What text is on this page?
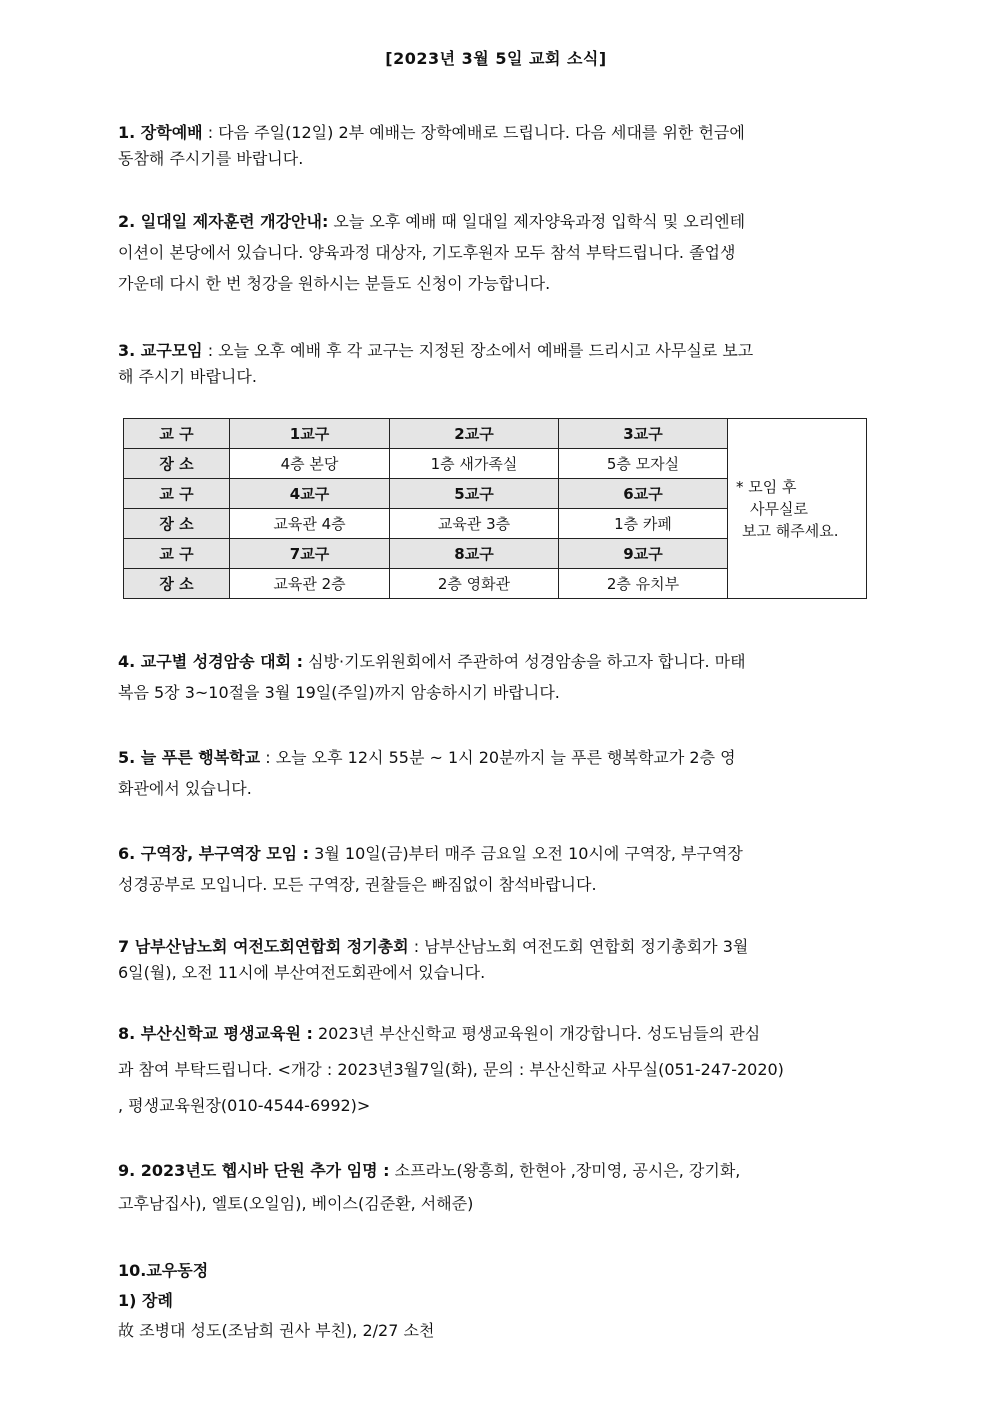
[2023년 3월 5일 교회 소식]
1. 장학예배 : 다음 주일(12일) 2부 예배는 장학예배로 드립니다. 다음 세대를 위한 헌금에
동참해 주시기를 바랍니다.
2. 일대일 제자훈련 개강안내: 오늘 오후 예배 때 일대일 제자양육과정 입학식 및 오리엔테
이션이 본당에서 있습니다. 양육과정 대상자, 기도후원자 모두 참석 부탁드립니다. 졸업생
가운데 다시 한 번 청강을 원하시는 분들도 신청이 가능합니다.
3. 교구모임 : 오늘 오후 예배 후 각 교구는 지정된 장소에서 예배를 드리시고 사무실로 보고
해 주시기 바랍니다.
교 구	1교구	2교구	3교구	* 모임 후
사무실로
보고 해주세요.

장 소	4층 본당	1층 새가족실	5층 모자실	
교 구	4교구	5교구	6교구	
장 소	교육관 4층	교육관 3층	1층 카페	
교 구	7교구	8교구	9교구	
장 소	교육관 2층	2층 영화관	2층 유치부	
4. 교구별 성경암송 대회 : 심방·기도위원회에서 주관하여 성경암송을 하고자 합니다. 마태
복음 5장 3~10절을 3월 19일(주일)까지 암송하시기 바랍니다.
5. 늘 푸른 행복학교 : 오늘 오후 12시 55분 ~ 1시 20분까지 늘 푸른 행복학교가 2층 영
화관에서 있습니다.
6. 구역장, 부구역장 모임 : 3월 10일(금)부터 매주 금요일 오전 10시에 구역장, 부구역장
성경공부로 모입니다. 모든 구역장, 권찰들은 빠짐없이 참석바랍니다.
7 남부산남노회 여전도회연합회 정기총회 : 남부산남노회 여전도회 연합회 정기총회가 3월
6일(월), 오전 11시에 부산여전도회관에서 있습니다.
8. 부산신학교 평생교육원 : 2023년 부산신학교 평생교육원이 개강합니다. 성도님들의 관심
과 참여 부탁드립니다. <개강 : 2023년3월7일(화), 문의 : 부산신학교 사무실(051-247-2020)
, 평생교육원장(010-4544-6992)>
9. 2023년도 헵시바 단원 추가 임명 : 소프라노(왕흥희, 한현아 ,장미영, 공시은, 강기화,
고후남집사), 엘토(오일임), 베이스(김준환, 서해준)
10.교우동정
1) 장례
故 조병대 성도(조남희 권사 부친), 2/27 소천
